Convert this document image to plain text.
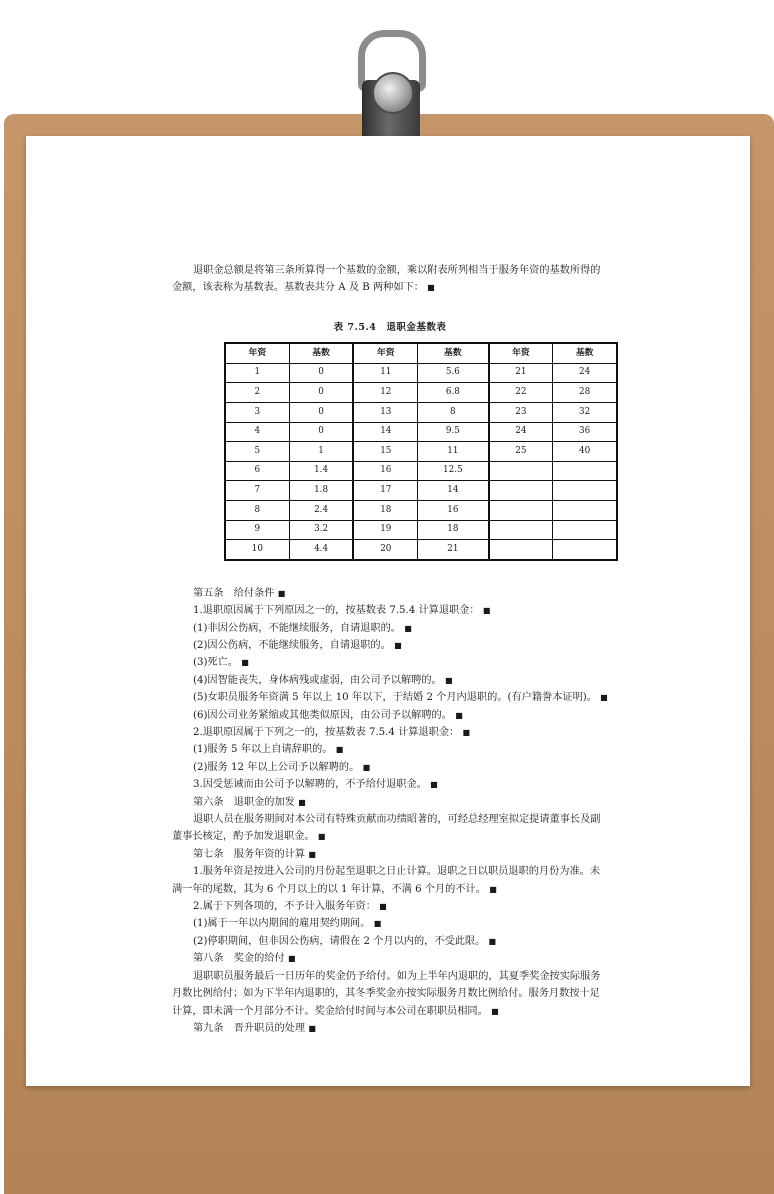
退职金总额是将第三条所算得一个基数的金额，乘以附表所列相当于服务年资的基数所得的金额，该表称为基数表。基数表共分 A 及 B 两种如下： ■

表 7.5.4　退职金基数表
年资	基数	年资	基数	年资	基数
1	0	11	5.6	21	24
2	0	12	6.8	22	28
3	0	13	8	23	32
4	0	14	9.5	24	36
5	1	15	11	25	40
6	1.4	16	12.5		
7	1.8	17	14		
8	2.4	18	16		
9	3.2	19	18		
10	4.4	20	21		

第五条　给付条件 ■

1.退职原因属于下列原因之一的，按基数表 7.5.4 计算退职金： ■

(1)非因公伤病，不能继续服务，自请退职的。 ■

(2)因公伤病，不能继续服务，自请退职的。 ■

(3)死亡。 ■

(4)因智能丧失，身体病残或虚弱，由公司予以解聘的。 ■

(5)女职员服务年资满 5 年以上 10 年以下，于结婚 2 个月内退职的。(有户籍誊本证明)。 ■

(6)因公司业务紧缩或其他类似原因，由公司予以解聘的。 ■

2.退职原因属于下列之一的，按基数表 7.5.4 计算退职金： ■

(1)服务 5 年以上自请辞职的。 ■

(2)服务 12 年以上公司予以解聘的。 ■

3.因受惩诫而由公司予以解聘的，不予给付退职金。 ■

第六条　退职金的加发 ■

退职人员在服务期间对本公司有特殊贡献而功绩昭著的，可经总经理室拟定提请董事长及副董事长核定，酌予加发退职金。 ■

第七条　服务年资的计算 ■

1.服务年资是按进入公司的月份起至退职之日止计算。退职之日以职员退职的月份为准。未满一年的尾数，其为 6 个月以上的以 1 年计算，不满 6 个月的不计。 ■

2.属于下列各项的，不予计入服务年资： ■

(1)属于一年以内期间的雇用契约期间。 ■

(2)停职期间，但非因公伤病，请假在 2 个月以内的，不受此限。 ■

第八条　奖金的给付 ■

退职职员服务最后一日历年的奖金仍予给付。如为上半年内退职的，其夏季奖金按实际服务月数比例给付；如为下半年内退职的，其冬季奖金亦按实际服务月数比例给付。服务月数按十足计算，即未满一个月部分不计。奖金给付时间与本公司在职职员相同。 ■

第九条　晋升职员的处理 ■
